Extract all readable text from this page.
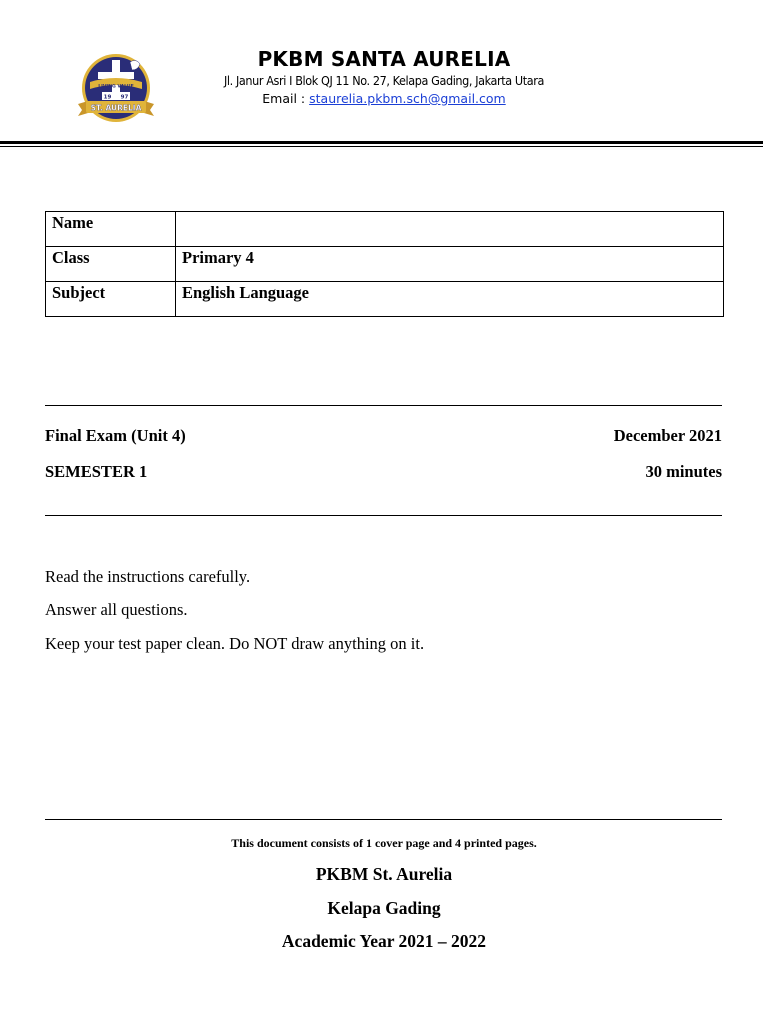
LIVING VALUE
19 97
ST. AURELIA
PKBM SANTA AURELIA
Jl. Janur Asri I Blok QJ 11 No. 27, Kelapa Gading, Jakarta Utara
Email : staurelia.pkbm.sch@gmail.com
Name	
Class	Primary 4
Subject	English Language
Final Exam (Unit 4)	December 2021
SEMESTER 1	30 minutes
Read the instructions carefully.
Answer all questions.
Keep your test paper clean. Do NOT draw anything on it.
This document consists of 1 cover page and 4 printed pages.
PKBM St. Aurelia
Kelapa Gading
Academic Year 2021 – 2022
